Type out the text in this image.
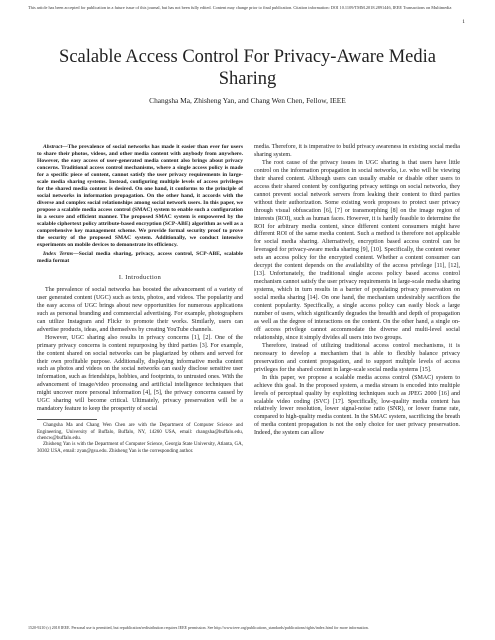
This article has been accepted for publication in a future issue of this journal, but has not been fully edited. Content may change prior to final publication. Citation information: DOI 10.1109/TMM.2018.2891446, IEEE Transactions on Multimedia
1
Scalable Access Control For Privacy-Aware Media Sharing
Changsha Ma, Zhisheng Yan, and Chang Wen Chen, Fellow, IEEE

Abstract—The prevalence of social networks has made it easier than ever for users to share their photos, videos, and other media content with anybody from anywhere. However, the easy access of user-generated media content also brings about privacy concerns. Traditional access control mechanisms, where a single access policy is made for a specific piece of content, cannot satisfy the user privacy requirements in large-scale media sharing systems. Instead, configuring multiple levels of access privileges for the shared media content is desired. On one hand, it conforms to the principle of social networks in information propagation. On the other hand, it accords with the diverse and complex social relationships among social network users. In this paper, we propose a scalable media access control (SMAC) system to enable such a configuration in a secure and efficient manner. The proposed SMAC system is empowered by the scalable ciphertext policy attribute-based encryption (SCP-ABE) algorithm as well as a comprehensive key management scheme. We provide formal security proof to prove the security of the proposed SMAC system. Additionally, we conduct intensive experiments on mobile devices to demonstrate its efficiency.

Index Terms—Social media sharing, privacy, access control, SCP-ABE, scalable media format

I. Introduction

The prevalence of social networks has boosted the advancement of a variety of user generated content (UGC) such as texts, photos, and videos. The popularity and the easy access of UGC brings about new opportunities for numerous applications such as personal branding and commercial advertising. For example, photographers can utilize Instagram and Flickr to promote their works. Similarly, users can advertise products, ideas, and themselves by creating YouTube channels.

However, UGC sharing also results in privacy concerns [1], [2]. One of the primary privacy concerns is content repurposing by third parties [3]. For example, the content shared on social networks can be plagiarized by others and served for their own profitable purpose. Additionally, displaying informative media content such as photos and videos on the social networks can easily disclose sensitive user information, such as friendships, hobbies, and footprints, to untrusted ones. With the advancement of image/video processing and artificial intelligence techniques that might uncover more personal information [4], [5], the privacy concerns caused by UGC sharing will become critical. Ultimately, privacy preservation will be a mandatory feature to keep the prosperity of social

Changsha Ma and Chang Wen Chen are with the Department of Computer Science and Engineering, University of Buffalo, Buffalo, NY, 14260 USA, email: changsha@buffalo.edu, chencw@buffalo.edu.

Zhisheng Yan is with the Department of Computer Science, Georgia State University, Atlanta, GA, 30302 USA, email: zyan@gsu.edu. Zhisheng Yan is the corresponding author.

media. Therefore, it is imperative to build privacy awareness in existing social media sharing system.

The root cause of the privacy issues in UGC sharing is that users have little control on the information propagation in social networks, i.e. who will be viewing their shared content. Although users can usually enable or disable other users to access their shared content by configuring privacy settings on social networks, they cannot prevent social network servers from leaking their content to third parties without their authorization. Some existing work proposes to protect user privacy through visual obfuscation [6], [7] or transmorphing [8] on the image region of interests (ROI), such as human faces. However, it is hardly feasible to determine the ROI for arbitrary media content, since different content consumers might have different ROI of the same media content. Such a method is therefore not applicable for social media sharing. Alternatively, encryption based access control can be leveraged for privacy-aware media sharing [9], [10]. Specifically, the content owner sets an access policy for the encrypted content. Whether a content consumer can decrypt the content depends on the availability of the access privilege [11], [12], [13]. Unfortunately, the traditional single access policy based access control mechanism cannot satisfy the user privacy requirements in large-scale media sharing systems, which in turn results in a barrier of populating privacy preservation on social media sharing [14]. On one hand, the mechanism undesirably sacrifices the content popularity. Specifically, a single access policy can easily block a large number of users, which significantly degrades the breadth and depth of propagation as well as the degree of interactions on the content. On the other hand, a single on-off access privilege cannot accommodate the diverse and multi-level social relationship, since it simply divides all users into two groups.

Therefore, instead of utilizing traditional access control mechanisms, it is necessary to develop a mechanism that is able to flexibly balance privacy preservation and content propagation, and to support multiple levels of access privileges for the shared content in large-scale social media systems [15].

In this paper, we propose a scalable media access control (SMAC) system to achieve this goal. In the proposed system, a media stream is encoded into multiple levels of perceptual quality by exploiting techniques such as JPEG 2000 [16] and scalable video coding (SVC) [17]. Specifically, low-quality media content has relatively lower resolution, lower signal-noise ratio (SNR), or lower frame rate, compared to high-quality media content. In the SMAC system, sacrificing the breath of media content propagation is not the only choice for user privacy preservation. Indeed, the system can allow

1520-9210 (c) 2018 IEEE. Personal use is permitted, but republication/redistribution requires IEEE permission. See http://www.ieee.org/publications_standards/publications/rights/index.html for more information.
